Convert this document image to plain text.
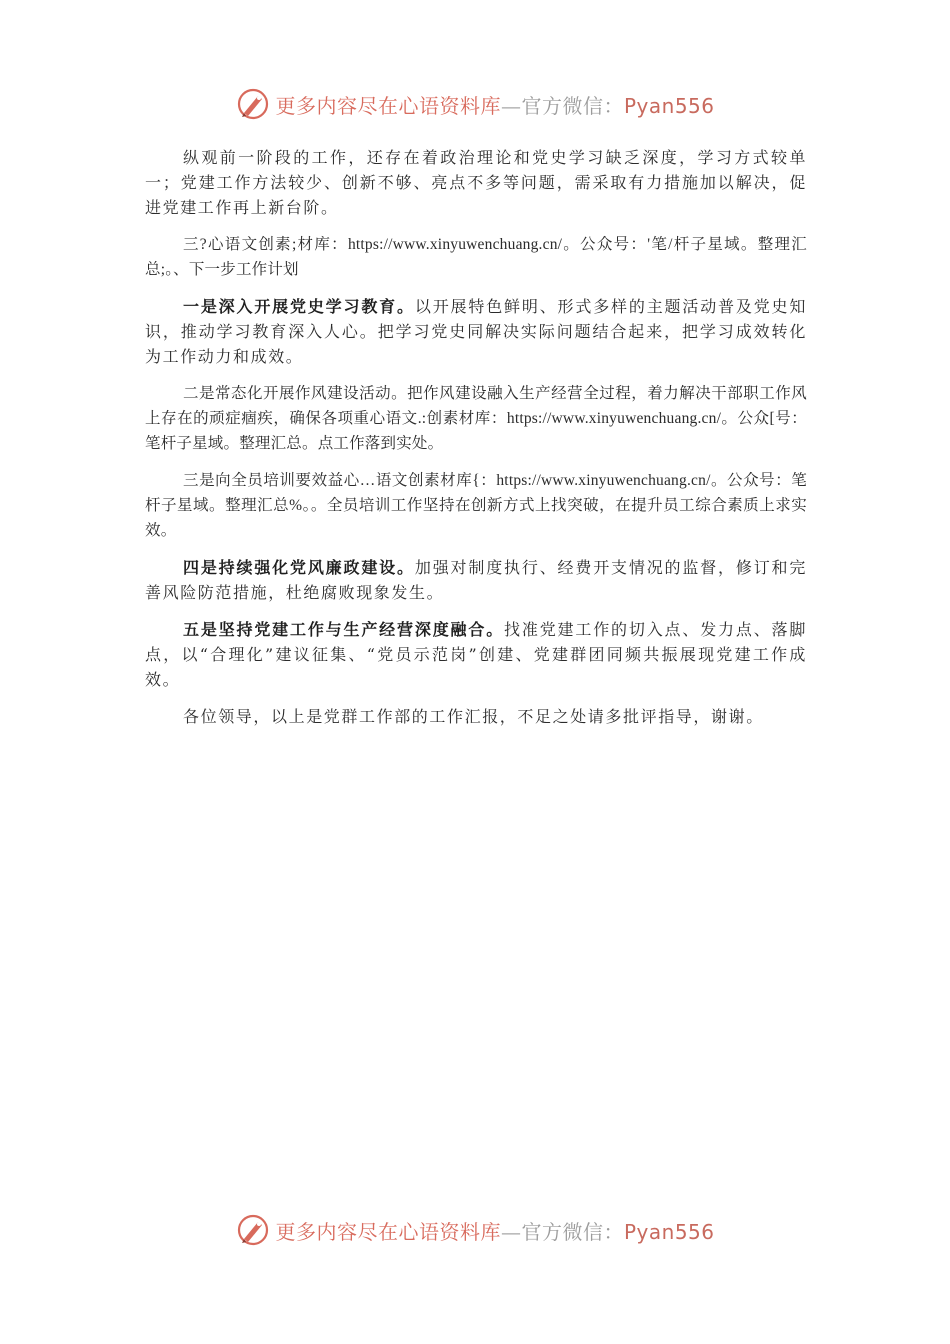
更多内容尽在心语资料库—官方微信：Pyan556

纵观前一阶段的工作，还存在着政治理论和党史学习缺乏深度，学习方式较单一；党建工作方法较少、创新不够、亮点不多等问题，需采取有力措施加以解决，促进党建工作再上新台阶。

三?心语文创素;材库：https://www.xinyuwenchuang.cn/。公众号：'笔/杆子星域。整理汇总;。、下一步工作计划

一是深入开展党史学习教育。以开展特色鲜明、形式多样的主题活动普及党史知识，推动学习教育深入人心。把学习党史同解决实际问题结合起来，把学习成效转化为工作动力和成效。

二是常态化开展作风建设活动。把作风建设融入生产经营全过程，着力解决干部职工作风上存在的顽症痼疾，确保各项重心语文.:创素材库：https://www.xinyuwenchuang.cn/。公众[号：笔杆子星域。整理汇总。点工作落到实处。

三是向全员培训要效益心…语文创素材库{：https://www.xinyuwenchuang.cn/。公众号：笔杆子星域。整理汇总%。。全员培训工作坚持在创新方式上找突破，在提升员工综合素质上求实效。

四是持续强化党风廉政建设。加强对制度执行、经费开支情况的监督，修订和完善风险防范措施，杜绝腐败现象发生。

五是坚持党建工作与生产经营深度融合。找准党建工作的切入点、发力点、落脚点，以“合理化”建议征集、“党员示范岗”创建、党建群团同频共振展现党建工作成效。

各位领导，以上是党群工作部的工作汇报，不足之处请多批评指导，谢谢。

更多内容尽在心语资料库—官方微信：Pyan556
